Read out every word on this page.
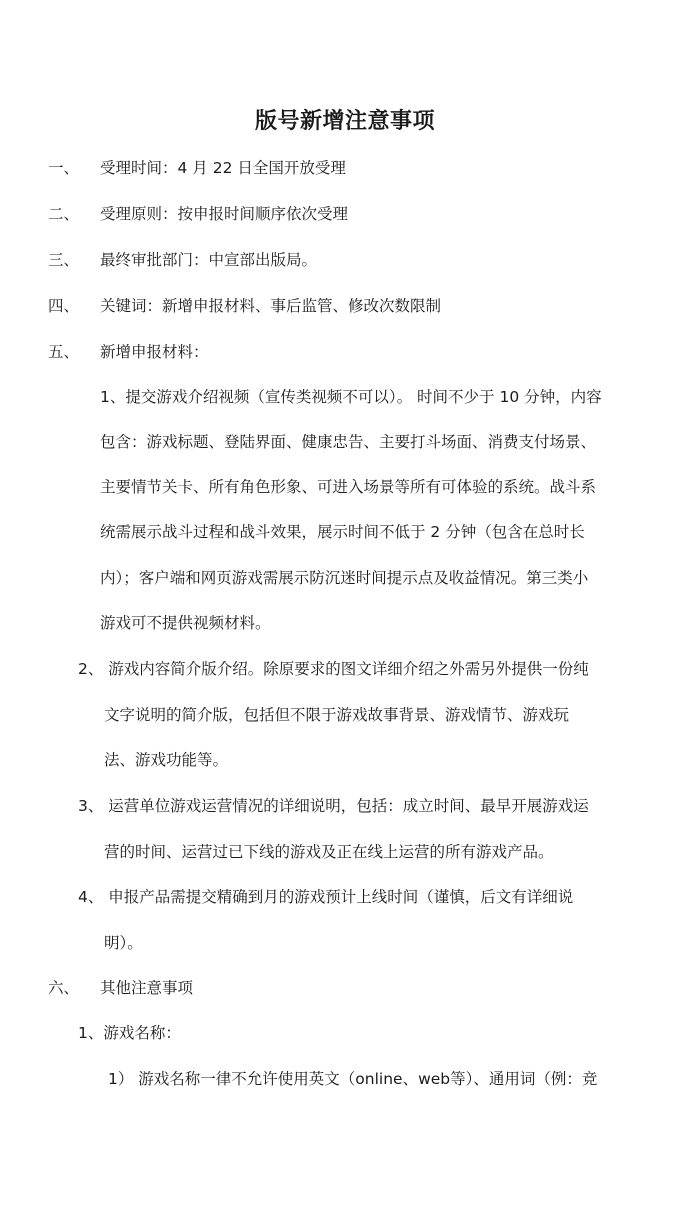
版号新增注意事项
一、 受理时间：4 月 22 日全国开放受理
二、 受理原则：按申报时间顺序依次受理
三、 最终审批部门：中宣部出版局。
四、 关键词：新增申报材料、事后监管、修改次数限制
五、 新增申报材料：
1、提交游戏介绍视频（宣传类视频不可以）。 时间不少于 10 分钟，内容
包含：游戏标题、登陆界面、健康忠告、主要打斗场面、消费支付场景、
主要情节关卡、所有角色形象、可进入场景等所有可体验的系统。战斗系
统需展示战斗过程和战斗效果，展示时间不低于 2 分钟（包含在总时长
内）；客户端和网页游戏需展示防沉迷时间提示点及收益情况。第三类小
游戏可不提供视频材料。
2、 游戏内容简介版介绍。除原要求的图文详细介绍之外需另外提供一份纯
文字说明的简介版，包括但不限于游戏故事背景、游戏情节、游戏玩
法、游戏功能等。
3、 运营单位游戏运营情况的详细说明，包括：成立时间、最早开展游戏运
营的时间、运营过已下线的游戏及正在线上运营的所有游戏产品。
4、 申报产品需提交精确到月的游戏预计上线时间（谨慎，后文有详细说
明）。
六、 其他注意事项
1、游戏名称：
1） 游戏名称一律不允许使用英文（online、web等）、通用词（例：竞
